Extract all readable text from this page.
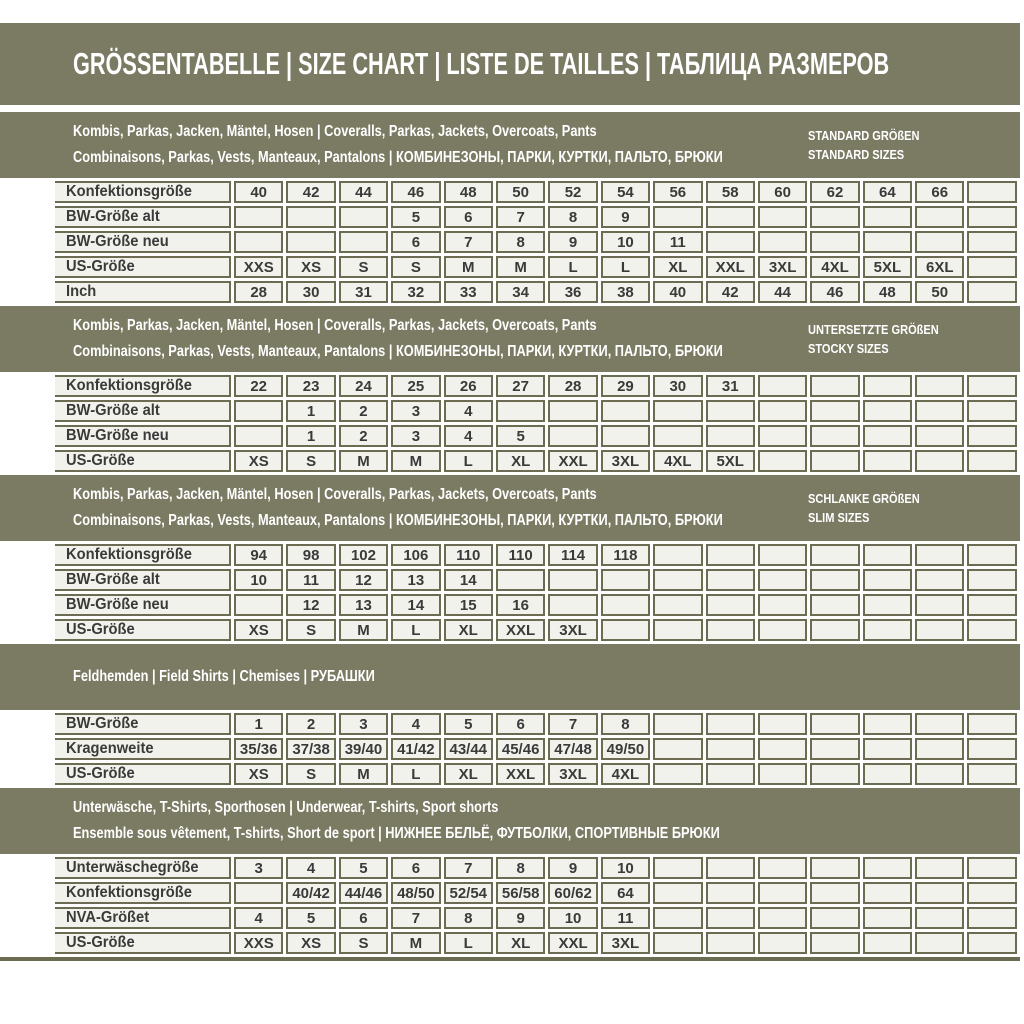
GRÖSSENTABELLE | SIZE CHART | LISTE DE TAILLES | ТАБЛИЦА РАЗМЕРОВ
Kombis, Parkas, Jacken, Mäntel, Hosen | Coveralls, Parkas, Jackets, Overcoats, Pants
Combinaisons, Parkas, Vests, Manteaux, Pantalons | КОМБИНЕЗОНЫ, ПАРКИ, КУРТКИ, ПАЛЬТО, БРЮКИ
STANDARD GRÖßEN
STANDARD SIZES
Konfektionsgröße	40	42	44	46	48	50	52	54	56	58	60	62	64	66	
BW-Größe alt				5	6	7	8	9							
BW-Größe neu				6	7	8	9	10	11						
US-Größe	XXS	XS	S	S	M	M	L	L	XL	XXL	3XL	4XL	5XL	6XL	
Inch	28	30	31	32	33	34	36	38	40	42	44	46	48	50	
Kombis, Parkas, Jacken, Mäntel, Hosen | Coveralls, Parkas, Jackets, Overcoats, Pants
Combinaisons, Parkas, Vests, Manteaux, Pantalons | КОМБИНЕЗОНЫ, ПАРКИ, КУРТКИ, ПАЛЬТО, БРЮКИ
UNTERSETZTE GRÖßEN
STOCKY SIZES
Konfektionsgröße	22	23	24	25	26	27	28	29	30	31					
BW-Größe alt		1	2	3	4										
BW-Größe neu		1	2	3	4	5									
US-Größe	XS	S	M	M	L	XL	XXL	3XL	4XL	5XL					
Kombis, Parkas, Jacken, Mäntel, Hosen | Coveralls, Parkas, Jackets, Overcoats, Pants
Combinaisons, Parkas, Vests, Manteaux, Pantalons | КОМБИНЕЗОНЫ, ПАРКИ, КУРТКИ, ПАЛЬТО, БРЮКИ
SCHLANKE GRÖßEN
SLIM SIZES
Konfektionsgröße	94	98	102	106	110	110	114	118							
BW-Größe alt	10	11	12	13	14										
BW-Größe neu		12	13	14	15	16									
US-Größe	XS	S	M	L	XL	XXL	3XL								
Feldhemden | Field Shirts | Chemises | РУБАШКИ
BW-Größe	1	2	3	4	5	6	7	8							
Kragenweite	35/36	37/38	39/40	41/42	43/44	45/46	47/48	49/50							
US-Größe	XS	S	M	L	XL	XXL	3XL	4XL							
Unterwäsche, T-Shirts, Sporthosen | Underwear, T-shirts, Sport shorts
Ensemble sous vêtement, T-shirts, Short de sport | НИЖНЕЕ БЕЛЬЁ, ФУТБОЛКИ, СПОРТИВНЫЕ БРЮКИ
Unterwäschegröße	3	4	5	6	7	8	9	10							
Konfektionsgröße		40/42	44/46	48/50	52/54	56/58	60/62	64							
NVA-Größet	4	5	6	7	8	9	10	11							
US-Größe	XXS	XS	S	M	L	XL	XXL	3XL							
